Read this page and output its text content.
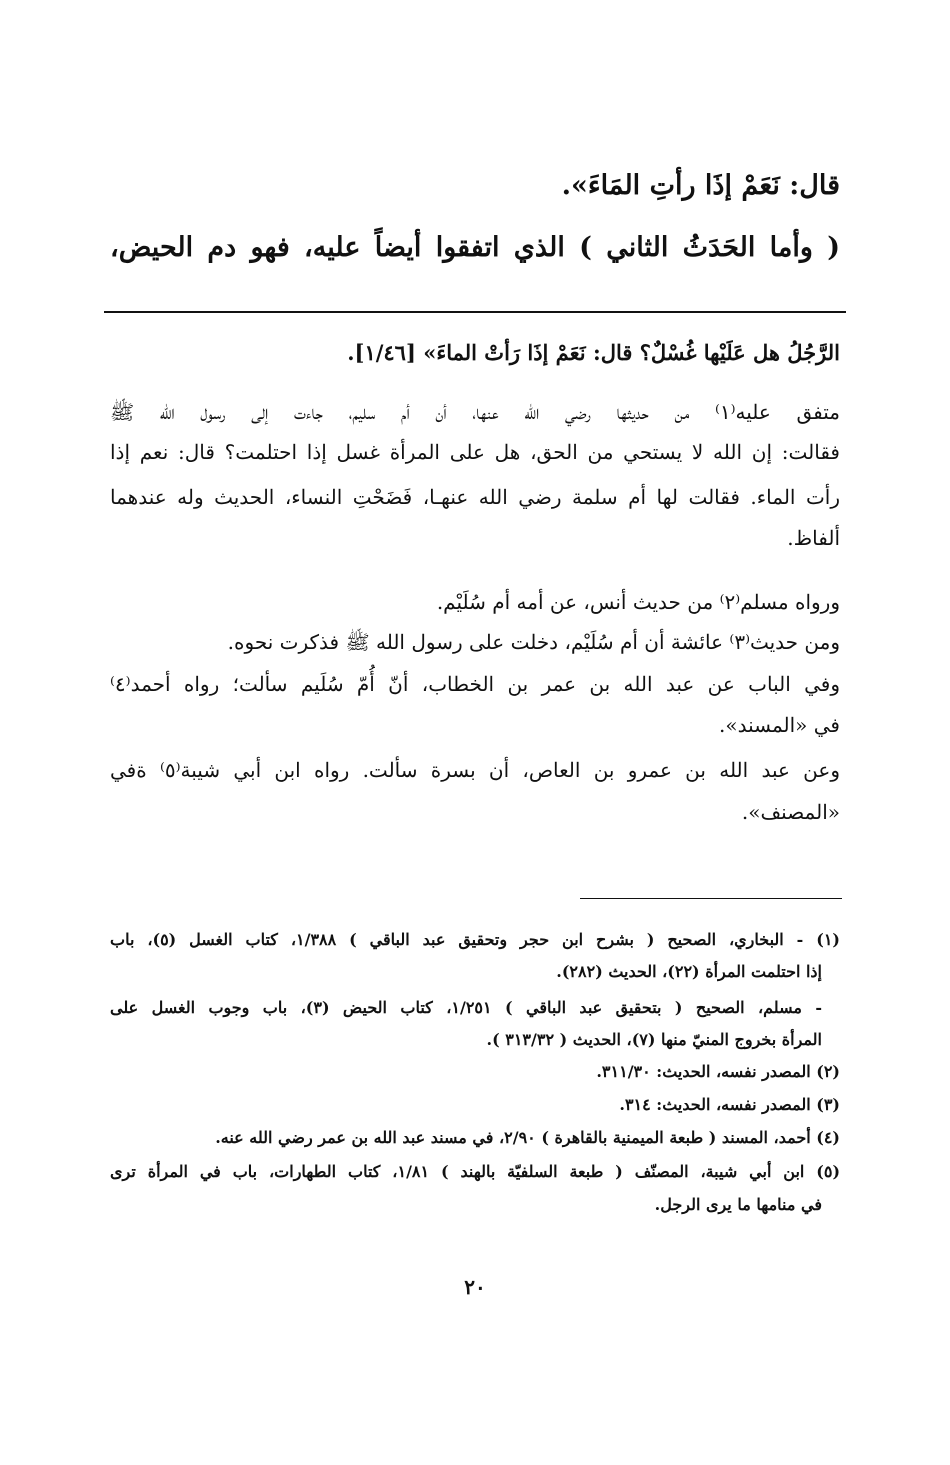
قال: نَعَمْ إذَا رأتِ المَاءَ».
( وأما الحَدَثُ الثاني ) الذي اتفقوا أيضاً عليه، فهو دم الحيض،
الرَّجُلُ هل عَلَيْها غُسْلٌ؟ قال: نَعَمْ إذَا رَأتْ الماءَ» [١/٤٦].
متفق عليه⁽١⁾ من حديثها رضي الله عنها، أن أم سليم، جاءت إلى رسول الله ﷺ
فقالت: إن الله لا يستحي من الحق، هل على المرأة غسل إذا احتلمت؟ قال: نعم إذا
رأت الماء. فقالت لها أم سلمة رضي الله عنهـا، فَضَحْتِ النساء، الحديث وله عندهما
ألفاظ.
ورواه مسلم⁽٢⁾ من حديث أنس، عن أمه أم سُلَيْم.
ومن حديث⁽٣⁾ عائشة أن أم سُلَيْم، دخلت على رسول الله ﷺ فذكرت نحوه.
وفي الباب عن عبد الله بن عمر بن الخطاب، أنّ أُمّ سُلَيم سألت؛ رواه أحمد⁽٤⁾
في «المسند».
وعن عبد الله بن عمرو بن العاص، أن بسرة سألت. رواه ابن أبي شيبة⁽٥⁾ ةفي
«المصنف».
(١) - البخاري، الصحيح ( بشرح ابن حجر وتحقيق عبد الباقي ) ١/٣٨٨، كتاب الغسل (٥)، باب
إذا احتلمت المرأة (٢٢)، الحديث (٢٨٢).
- مسلم، الصحيح ( بتحقيق عبد الباقي ) ١/٢٥١، كتاب الحيض (٣)، باب وجوب الغسل على
المرأة بخروج المنيّ منها (٧)، الحديث ( ٣١٣/٣٢ ).
(٢) المصدر نفسه، الحديث: ٣١١/٣٠.
(٣) المصدر نفسه، الحديث: ٣١٤.
(٤) أحمد، المسند ( طبعة الميمنية بالقاهرة ) ٢/٩٠، في مسند عبد الله بن عمر رضي الله عنه.
(٥) ابن أبي شيبة، المصنّف ( طبعة السلفيّة بالهند ) ١/٨١، كتاب الطهارات، باب في المرأة ترى
في منامها ما يرى الرجل.
٢٠
